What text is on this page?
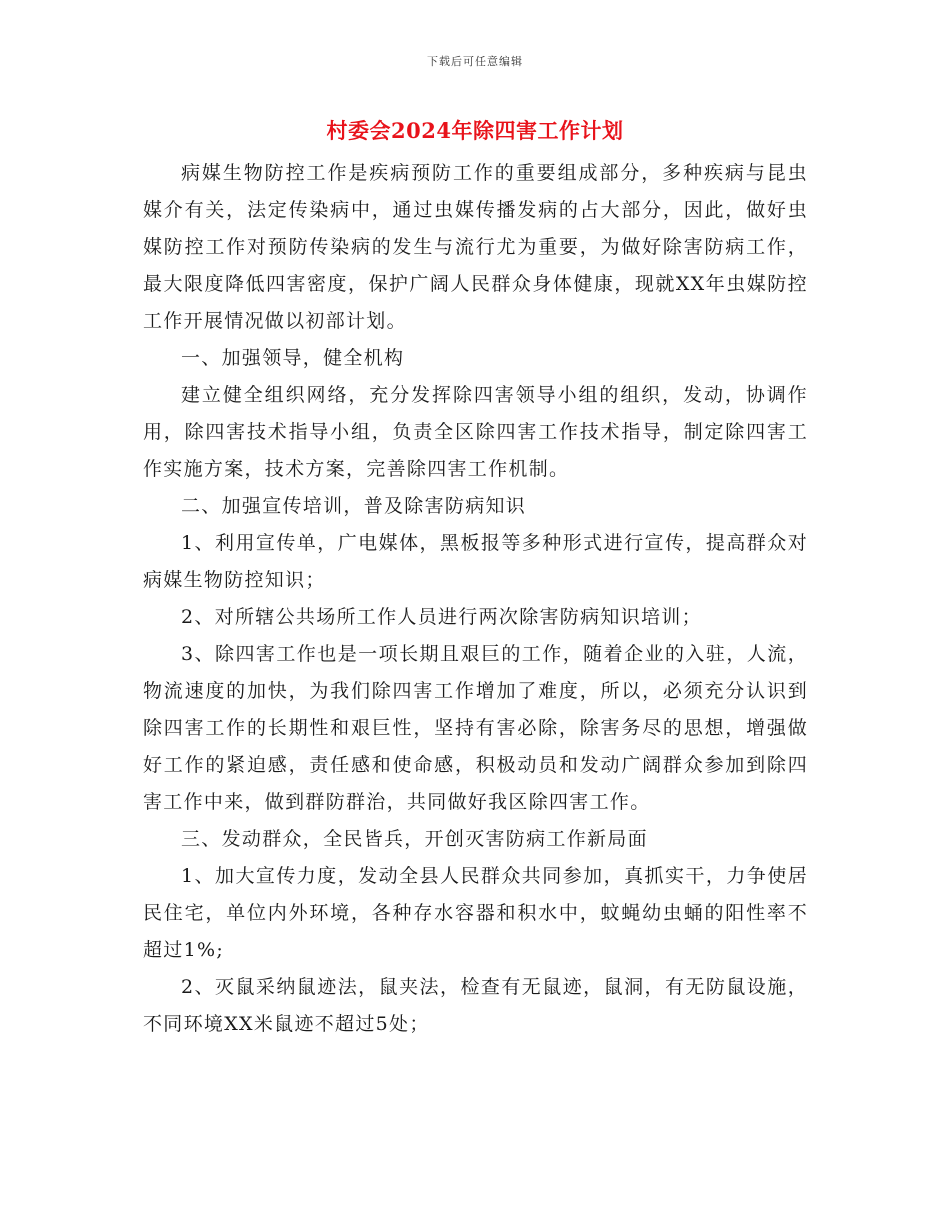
下载后可任意编辑
村委会2024年除四害工作计划

病媒生物防控工作是疾病预防工作的重要组成部分，多种疾病与昆虫媒介有关，法定传染病中，通过虫媒传播发病的占大部分，因此，做好虫媒防控工作对预防传染病的发生与流行尤为重要，为做好除害防病工作，最大限度降低四害密度，保护广阔人民群众身体健康，现就XX年虫媒防控工作开展情况做以初部计划。

一、加强领导，健全机构

建立健全组织网络，充分发挥除四害领导小组的组织，发动，协调作用，除四害技术指导小组，负责全区除四害工作技术指导，制定除四害工作实施方案，技术方案，完善除四害工作机制。

二、加强宣传培训，普及除害防病知识

1、利用宣传单，广电媒体，黑板报等多种形式进行宣传，提高群众对病媒生物防控知识；

2、对所辖公共场所工作人员进行两次除害防病知识培训；

3、除四害工作也是一项长期且艰巨的工作，随着企业的入驻，人流，物流速度的加快，为我们除四害工作增加了难度，所以，必须充分认识到除四害工作的长期性和艰巨性，坚持有害必除，除害务尽的思想，增强做好工作的紧迫感，责任感和使命感，积极动员和发动广阔群众参加到除四害工作中来，做到群防群治，共同做好我区除四害工作。

三、发动群众，全民皆兵，开创灭害防病工作新局面

1、加大宣传力度，发动全县人民群众共同参加，真抓实干，力争使居民住宅，单位内外环境，各种存水容器和积水中，蚊蝇幼虫蛹的阳性率不超过1%;

2、灭鼠采纳鼠迹法，鼠夹法，检查有无鼠迹，鼠洞，有无防鼠设施，不同环境XX米鼠迹不超过5处；
